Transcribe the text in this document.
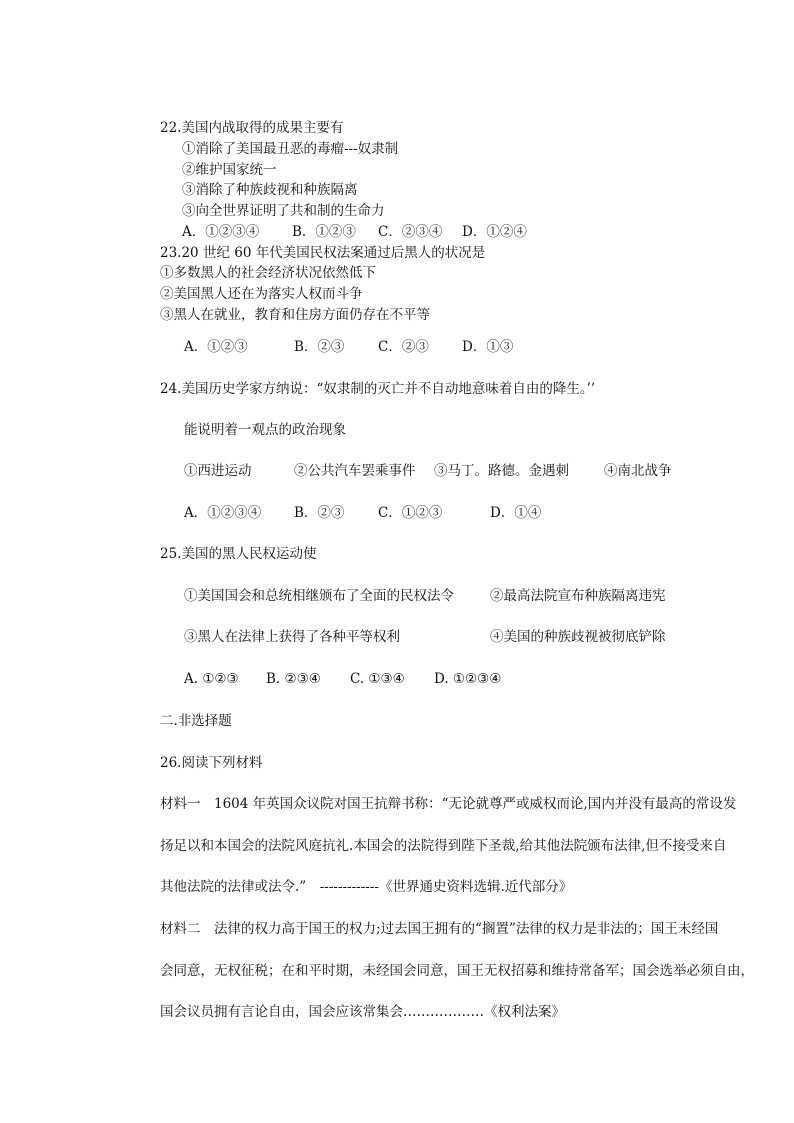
22.美国内战取得的成果主要有
①消除了美国最丑恶的毒瘤---奴隶制
②维护国家统一
③消除了种族歧视和种族隔离
③向全世界证明了共和制的生命力
A．①②③④ B．①②③ C．②③④ D．①②④
23.20 世纪 60 年代美国民权法案通过后黑人的状况是
①多数黑人的社会经济状况依然低下
②美国黑人还在为落实人权而斗争
③黑人在就业，教育和住房方面仍存在不平等
A．①②③	B．②③ C．②③ D．①③
24.美国历史学家方纳说：“奴隶制的灭亡并不自动地意味着自由的降生。’’
能说明着一观点的政治现象
①西进运动	②公共汽车罢乘事件 ③马丁。路德。金遇刺	④南北战争
A．①②③④ B．②③ C．①②③	D．①④
25.美国的黑人民权运动使
①美国国会和总统相继颁布了全面的民权法令	②最高法院宣布种族隔离违宪
③黑人在法律上获得了各种平等权利	④美国的种族歧视被彻底铲除
A. ①②③ B. ②③④ C. ①③④ D. ①②③④
二.非选择题
26.阅读下列材料
材料一　1604 年英国众议院对国王抗辩书称：“无论就尊严或威权而论,国内并没有最高的常设发
扬足以和本国会的法院风庭抗礼.本国会的法院得到陛下圣裁,给其他法院颁布法律,但不接受来自
其他法院的法律或法令.”　-------------《世界通史资料选辑.近代部分》
材料二　法律的权力高于国王的权力;过去国王拥有的“搁置”法律的权力是非法的；国王未经国
会同意，无权征税；在和平时期，未经国会同意，国王无权招募和维持常备军；国会选举必须自由，
国会议员拥有言论自由，国会应该常集会………………《权利法案》
